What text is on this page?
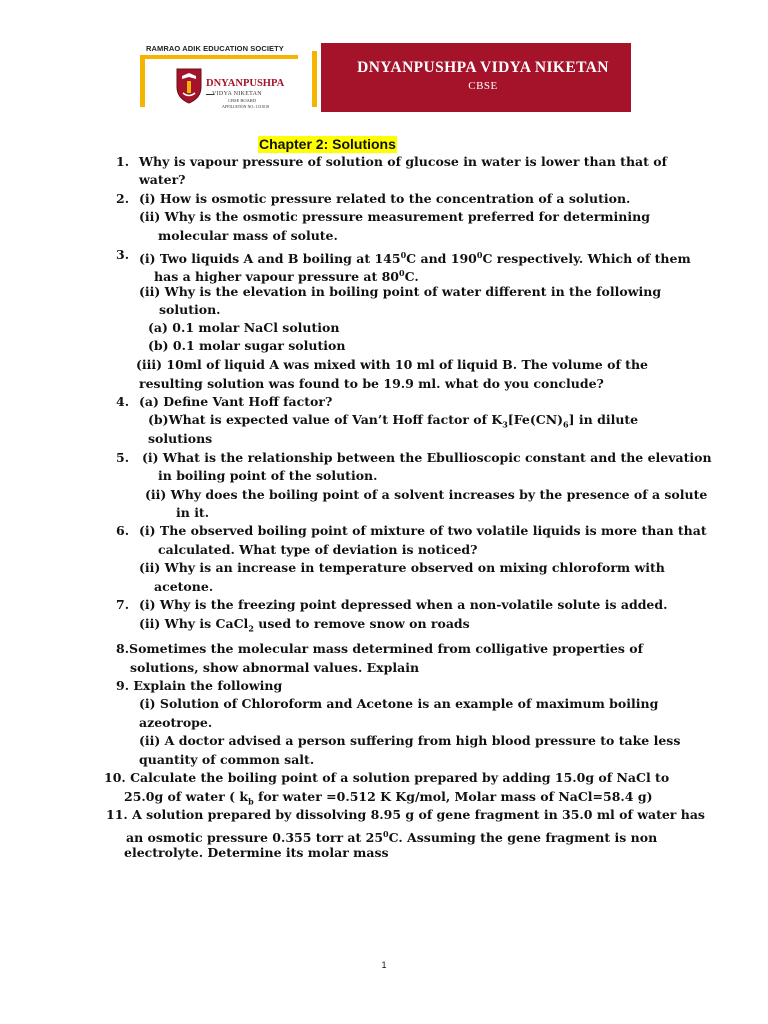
RAMRAO ADIK EDUCATION SOCIETY
DNYANPUSHPA
VIDYA NIKETAN
CBSE BOARD
AFFILIATION NO.:1131018
DNYANPUSHPA VIDYA NIKETAN
CBSE
Chapter 2: Solutions
1. Why is vapour pressure of solution of glucose in water is lower than that of
water?
2. (i) How is osmotic pressure related to the concentration of a solution.
(ii) Why is the osmotic pressure measurement preferred for determining
molecular mass of solute.
3. (i) Two liquids A and B boiling at $145^0C$ and $190^0C$ respectively. Which of them
has a higher vapour pressure at $80^0C$.
(ii) Why is the elevation in boiling point of water different in the following
solution.
(a) 0.1 molar NaCl solution
(b) 0.1 molar sugar solution
(iii) 10ml of liquid A was mixed with 10 ml of liquid B. The volume of the
resulting solution was found to be 19.9 ml. what do you conclude?
4. (a) Define Vant Hoff factor?
(b)What is expected value of Van’t Hoff factor of $K_3[Fe(CN)_6]$ in dilute
solutions
5. (i) What is the relationship between the Ebullioscopic constant and the elevation
in boiling point of the solution.
(ii) Why does the boiling point of a solvent increases by the presence of a solute
in it.
6. (i) The observed boiling point of mixture of two volatile liquids is more than that
calculated. What type of deviation is noticed?
(ii) Why is an increase in temperature observed on mixing chloroform with
acetone.
7. (i) Why is the freezing point depressed when a non-volatile solute is added.
(ii) Why is CaCl$_2$ used to remove snow on roads
8.Sometimes the molecular mass determined from colligative properties of
solutions, show abnormal values. Explain
9. Explain the following
(i) Solution of Chloroform and Acetone is an example of maximum boiling
azeotrope.
(ii) A doctor advised a person suffering from high blood pressure to take less
quantity of common salt.
10. Calculate the boiling point of a solution prepared by adding 15.0g of NaCl to
25.0g of water ( $k_b$ for water =0.512 K Kg/mol, Molar mass of NaCl=58.4 g)
11. A solution prepared by dissolving 8.95 g of gene fragment in 35.0 ml of water has
an osmotic pressure 0.355 torr at $25^0C$. Assuming the gene fragment is non
electrolyte. Determine its molar mass
1
